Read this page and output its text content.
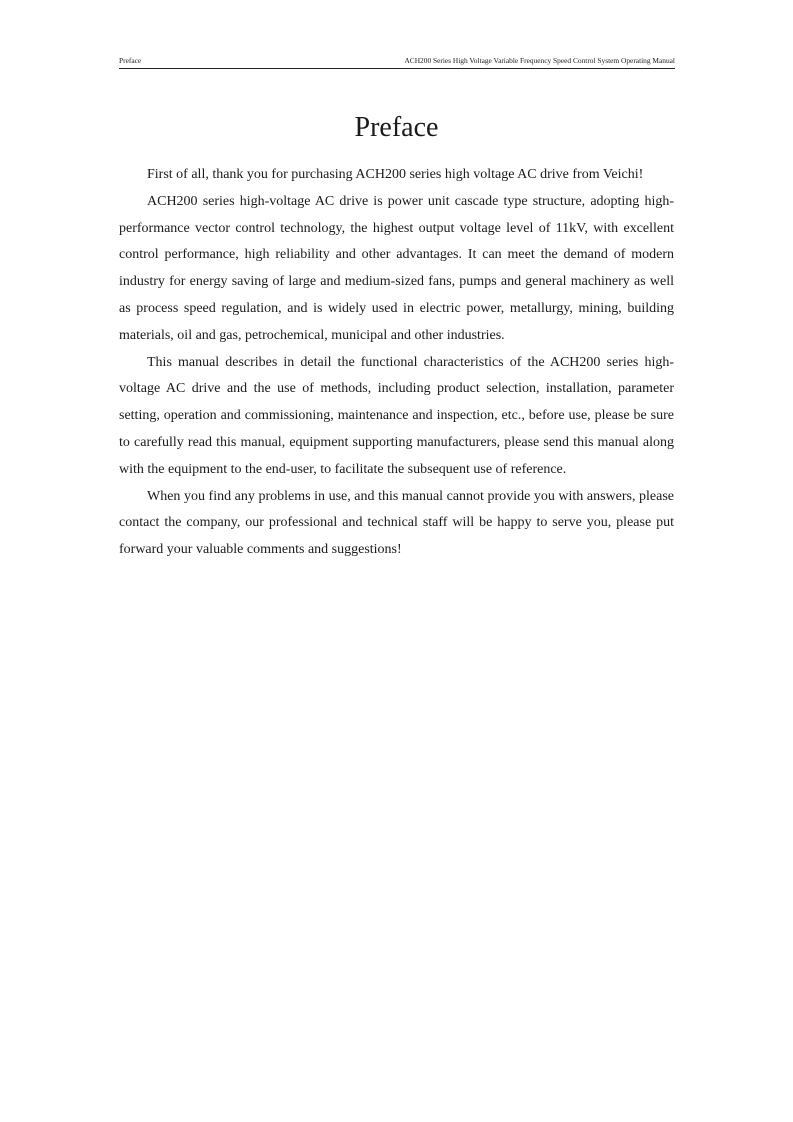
Preface	ACH200 Series High Voltage Variable Frequency Speed Control System Operating Manual
Preface

First of all, thank you for purchasing ACH200 series high voltage AC drive from Veichi!

ACH200 series high-voltage AC drive is power unit cascade type structure, adopting high-performance vector control technology, the highest output voltage level of 11kV, with excellent control performance, high reliability and other advantages. It can meet the demand of modern industry for energy saving of large and medium-sized fans, pumps and general machinery as well as process speed regulation, and is widely used in electric power, metallurgy, mining, building materials, oil and gas, petrochemical, municipal and other industries.

This manual describes in detail the functional characteristics of the ACH200 series high-voltage AC drive and the use of methods, including product selection, installation, parameter setting, operation and commissioning, maintenance and inspection, etc., before use, please be sure to carefully read this manual, equipment supporting manufacturers, please send this manual along with the equipment to the end-user, to facilitate the subsequent use of reference.

When you find any problems in use, and this manual cannot provide you with answers, please contact the company, our professional and technical staff will be happy to serve you, please put forward your valuable comments and suggestions!
